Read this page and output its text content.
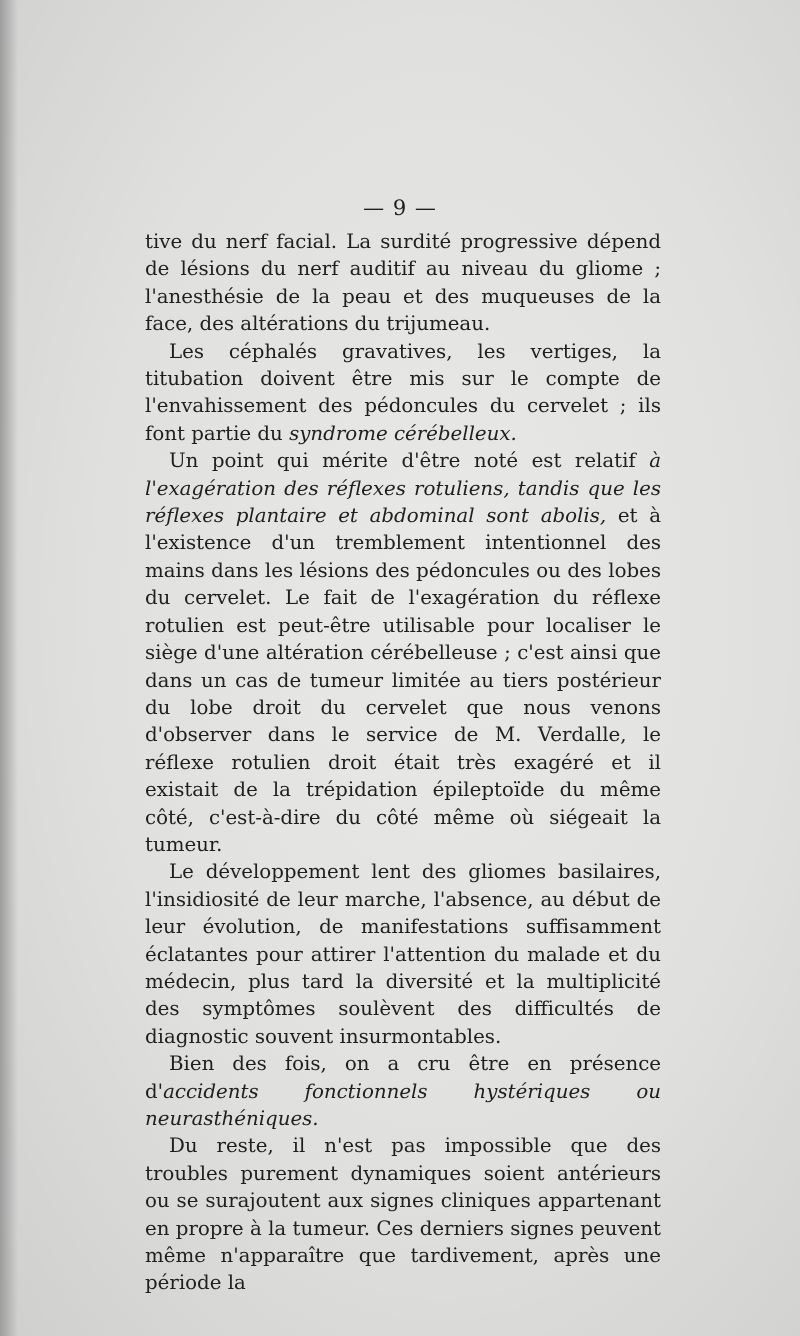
— 9 —

tive du nerf facial. La surdité progressive dépend de lésions du nerf auditif au niveau du gliome ; l'anesthésie de la peau et des muqueuses de la face, des altérations du trijumeau.

Les céphalés gravatives, les vertiges, la titubation doivent être mis sur le compte de l'envahissement des pédoncules du cervelet ; ils font partie du syndrome cérébelleux.

Un point qui mérite d'être noté est relatif à l'exagération des réflexes rotuliens, tandis que les réflexes plantaire et abdominal sont abolis, et à l'existence d'un tremblement intentionnel des mains dans les lésions des pédoncules ou des lobes du cervelet. Le fait de l'exagération du réflexe rotulien est peut-être utilisable pour localiser le siège d'une altération cérébelleuse ; c'est ainsi que dans un cas de tumeur limitée au tiers postérieur du lobe droit du cervelet que nous venons d'observer dans le service de M. Verdalle, le réflexe rotulien droit était très exagéré et il existait de la trépidation épileptoïde du même côté, c'est-à-dire du côté même où siégeait la tumeur.

Le développement lent des gliomes basilaires, l'insidiosité de leur marche, l'absence, au début de leur évolution, de manifestations suffisamment éclatantes pour attirer l'attention du malade et du médecin, plus tard la diversité et la multiplicité des symptômes soulèvent des difficultés de diagnostic souvent insurmontables.

Bien des fois, on a cru être en présence d'accidents fonctionnels hystériques ou neurasthéniques.

Du reste, il n'est pas impossible que des troubles purement dynamiques soient antérieurs ou se surajoutent aux signes cliniques appartenant en propre à la tumeur. Ces derniers signes peuvent même n'apparaître que tardivement, après une période la
